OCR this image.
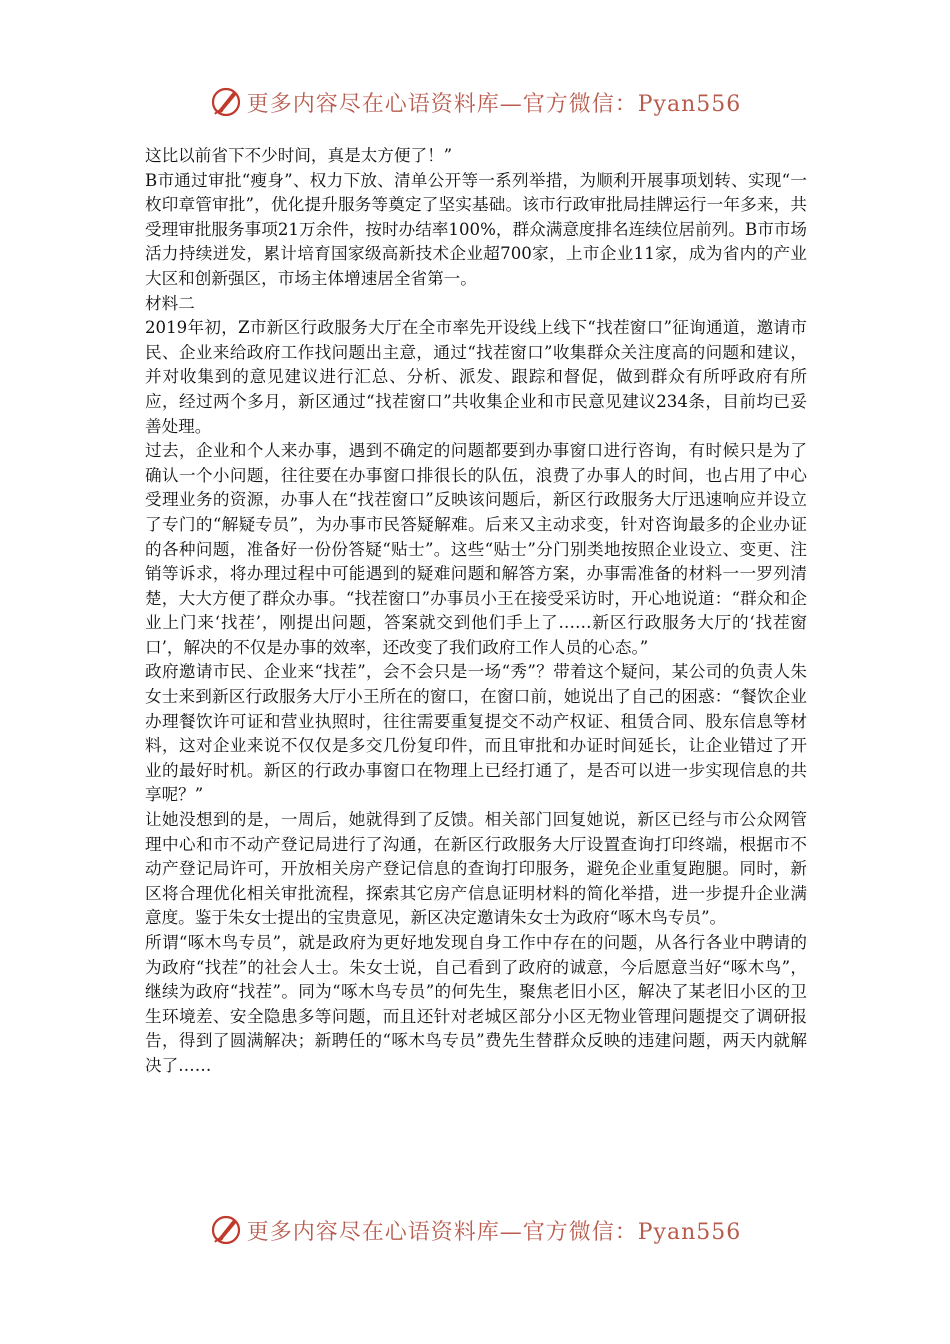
更多内容尽在心语资料库—官方微信：Pyan556

这比以前省下不少时间，真是太方便了！”

B市通过审批“瘦身”、权力下放、清单公开等一系列举措，为顺利开展事项划转、实现“一枚印章管审批”，优化提升服务等奠定了坚实基础。该市行政审批局挂牌运行一年多来，共受理审批服务事项21万余件，按时办结率100%，群众满意度排名连续位居前列。B市市场活力持续迸发，累计培育国家级高新技术企业超700家，上市企业11家，成为省内的产业大区和创新强区，市场主体增速居全省第一。

材料二

2019年初，Z市新区行政服务大厅在全市率先开设线上线下“找茬窗口”征询通道，邀请市民、企业来给政府工作找问题出主意，通过“找茬窗口”收集群众关注度高的问题和建议，并对收集到的意见建议进行汇总、分析、派发、跟踪和督促，做到群众有所呼政府有所应，经过两个多月，新区通过“找茬窗口”共收集企业和市民意见建议234条，目前均已妥善处理。

过去，企业和个人来办事，遇到不确定的问题都要到办事窗口进行咨询，有时候只是为了确认一个小问题，往往要在办事窗口排很长的队伍，浪费了办事人的时间，也占用了中心受理业务的资源，办事人在“找茬窗口”反映该问题后，新区行政服务大厅迅速响应并设立了专门的“解疑专员”，为办事市民答疑解难。后来又主动求变，针对咨询最多的企业办证的各种问题，准备好一份份答疑“贴士”。这些“贴士”分门别类地按照企业设立、变更、注销等诉求，将办理过程中可能遇到的疑难问题和解答方案，办事需准备的材料一一罗列清楚，大大方便了群众办事。“找茬窗口”办事员小王在接受采访时，开心地说道：“群众和企业上门来‘找茬’，刚提出问题，答案就交到他们手上了……新区行政服务大厅的‘找茬窗口’，解决的不仅是办事的效率，还改变了我们政府工作人员的心态。”

政府邀请市民、企业来“找茬”，会不会只是一场“秀”？带着这个疑问，某公司的负责人朱女士来到新区行政服务大厅小王所在的窗口，在窗口前，她说出了自己的困惑：“餐饮企业办理餐饮许可证和营业执照时，往往需要重复提交不动产权证、租赁合同、股东信息等材料，这对企业来说不仅仅是多交几份复印件，而且审批和办证时间延长，让企业错过了开业的最好时机。新区的行政办事窗口在物理上已经打通了，是否可以进一步实现信息的共享呢？”

让她没想到的是，一周后，她就得到了反馈。相关部门回复她说，新区已经与市公众网管理中心和市不动产登记局进行了沟通，在新区行政服务大厅设置查询打印终端，根据市不动产登记局许可，开放相关房产登记信息的查询打印服务，避免企业重复跑腿。同时，新区将合理优化相关审批流程，探索其它房产信息证明材料的简化举措，进一步提升企业满意度。鉴于朱女士提出的宝贵意见，新区决定邀请朱女士为政府“啄木鸟专员”。

所谓“啄木鸟专员”，就是政府为更好地发现自身工作中存在的问题，从各行各业中聘请的为政府“找茬”的社会人士。朱女士说，自己看到了政府的诚意，今后愿意当好“啄木鸟”，继续为政府“找茬”。同为“啄木鸟专员”的何先生，聚焦老旧小区，解决了某老旧小区的卫生环境差、安全隐患多等问题，而且还针对老城区部分小区无物业管理问题提交了调研报告，得到了圆满解决；新聘任的“啄木鸟专员”费先生替群众反映的违建问题，两天内就解决了……

更多内容尽在心语资料库—官方微信：Pyan556
